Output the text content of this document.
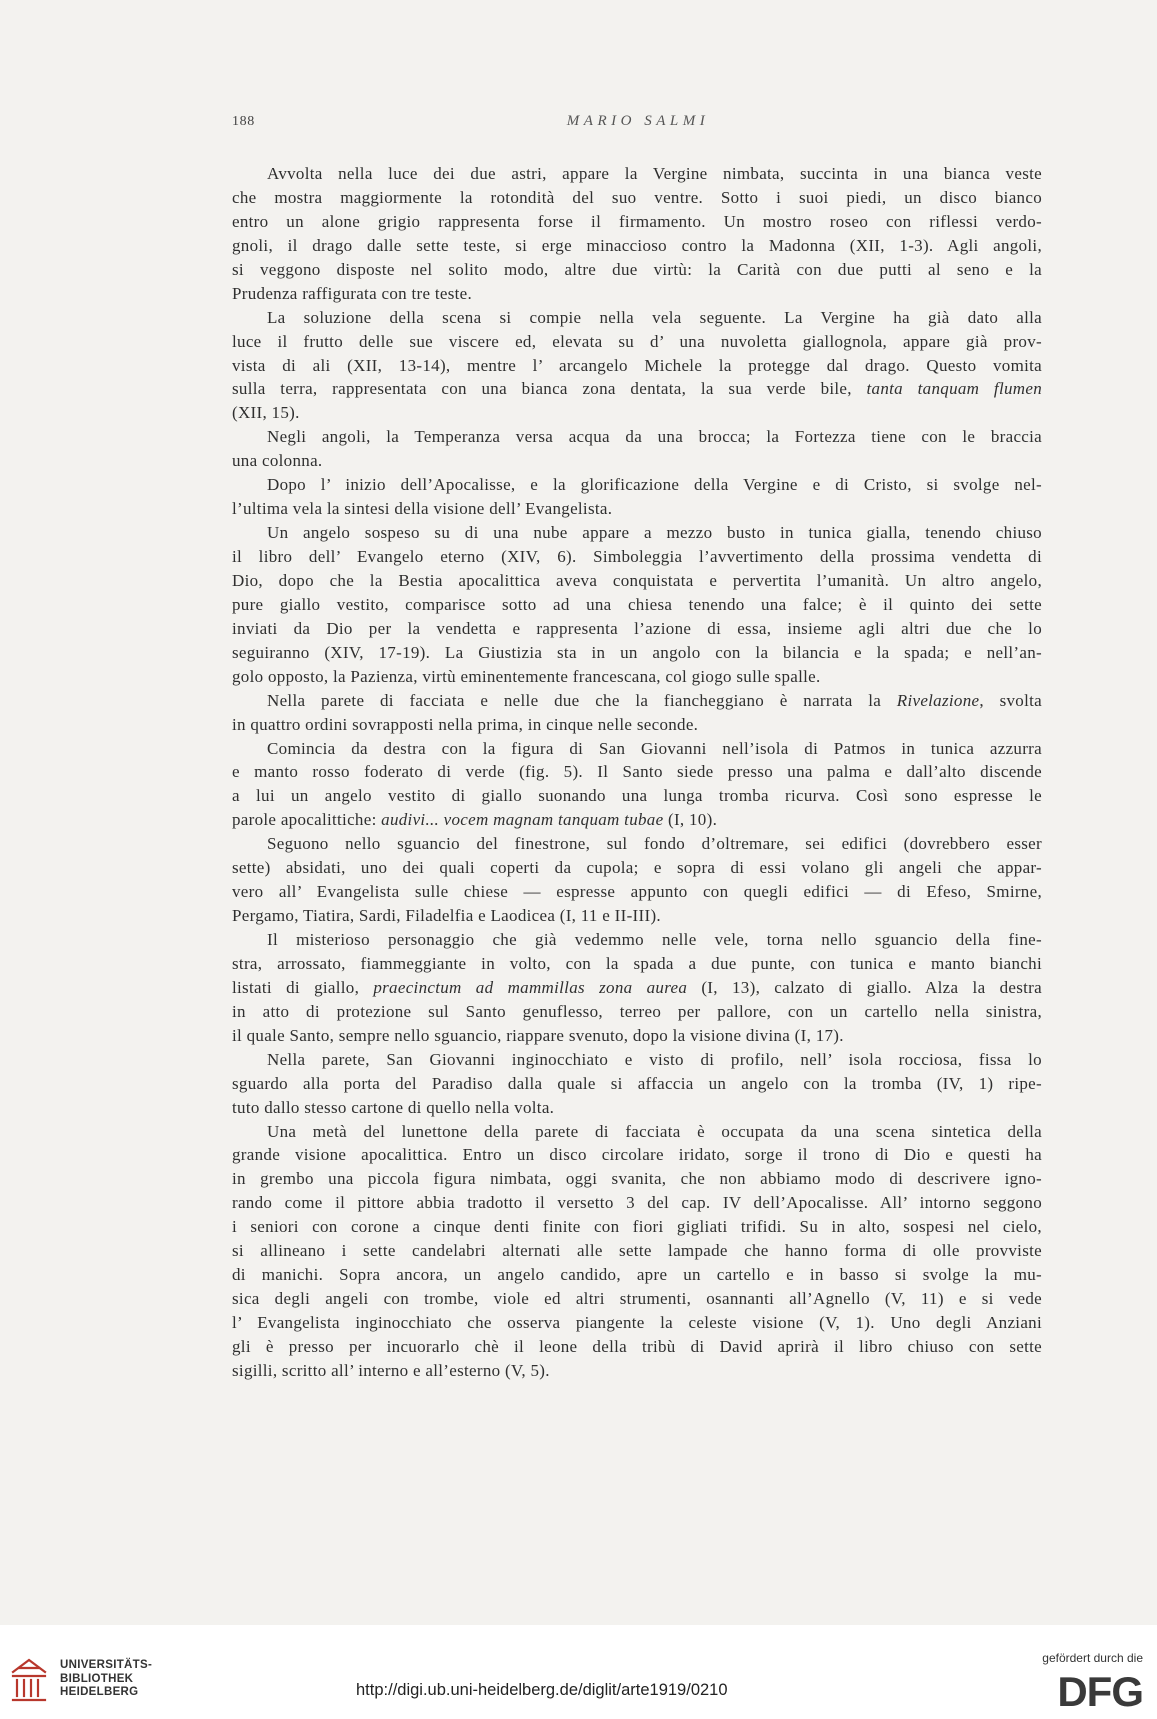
188	MARIO SALMI
Avvolta nella luce dei due astri, appare la Vergine nimbata, succinta in una bianca veste
che mostra maggiormente la rotondità del suo ventre. Sotto i suoi piedi, un disco bianco
entro un alone grigio rappresenta forse il firmamento. Un mostro roseo con riflessi verdo-
gnoli, il drago dalle sette teste, si erge minaccioso contro la Madonna (XII, 1-3). Agli angoli,
si veggono disposte nel solito modo, altre due virtù: la Carità con due putti al seno e la
Prudenza raffigurata con tre teste.
La soluzione della scena si compie nella vela seguente. La Vergine ha già dato alla
luce il frutto delle sue viscere ed, elevata su d’ una nuvoletta giallognola, appare già prov-
vista di ali (XII, 13-14), mentre l’ arcangelo Michele la protegge dal drago. Questo vomita
sulla terra, rappresentata con una bianca zona dentata, la sua verde bile, tanta tanquam flumen
(XII, 15).
Negli angoli, la Temperanza versa acqua da una brocca; la Fortezza tiene con le braccia
una colonna.
Dopo l’ inizio dell’Apocalisse, e la glorificazione della Vergine e di Cristo, si svolge nel-
l’ultima vela la sintesi della visione dell’ Evangelista.
Un angelo sospeso su di una nube appare a mezzo busto in tunica gialla, tenendo chiuso
il libro dell’ Evangelo eterno (XIV, 6). Simboleggia l’avvertimento della prossima vendetta di
Dio, dopo che la Bestia apocalittica aveva conquistata e pervertita l’umanità. Un altro angelo,
pure giallo vestito, comparisce sotto ad una chiesa tenendo una falce; è il quinto dei sette
inviati da Dio per la vendetta e rappresenta l’azione di essa, insieme agli altri due che lo
seguiranno (XIV, 17-19). La Giustizia sta in un angolo con la bilancia e la spada; e nell’an-
golo opposto, la Pazienza, virtù eminentemente francescana, col giogo sulle spalle.
Nella parete di facciata e nelle due che la fiancheggiano è narrata la Rivelazione, svolta
in quattro ordini sovrapposti nella prima, in cinque nelle seconde.
Comincia da destra con la figura di San Giovanni nell’isola di Patmos in tunica azzurra
e manto rosso foderato di verde (fig. 5). Il Santo siede presso una palma e dall’alto discende
a lui un angelo vestito di giallo suonando una lunga tromba ricurva. Così sono espresse le
parole apocalittiche: audivi... vocem magnam tanquam tubae (I, 10).
Seguono nello sguancio del finestrone, sul fondo d’oltremare, sei edifici (dovrebbero esser
sette) absidati, uno dei quali coperti da cupola; e sopra di essi volano gli angeli che appar-
vero all’ Evangelista sulle chiese — espresse appunto con quegli edifici — di Efeso, Smirne,
Pergamo, Tiatira, Sardi, Filadelfia e Laodicea (I, 11 e II-III).
Il misterioso personaggio che già vedemmo nelle vele, torna nello sguancio della fine-
stra, arrossato, fiammeggiante in volto, con la spada a due punte, con tunica e manto bianchi
listati di giallo, praecinctum ad mammillas zona aurea (I, 13), calzato di giallo. Alza la destra
in atto di protezione sul Santo genuflesso, terreo per pallore, con un cartello nella sinistra,
il quale Santo, sempre nello sguancio, riappare svenuto, dopo la visione divina (I, 17).
Nella parete, San Giovanni inginocchiato e visto di profilo, nell’ isola rocciosa, fissa lo
sguardo alla porta del Paradiso dalla quale si affaccia un angelo con la tromba (IV, 1) ripe-
tuto dallo stesso cartone di quello nella volta.
Una metà del lunettone della parete di facciata è occupata da una scena sintetica della
grande visione apocalittica. Entro un disco circolare iridato, sorge il trono di Dio e questi ha
in grembo una piccola figura nimbata, oggi svanita, che non abbiamo modo di descrivere igno-
rando come il pittore abbia tradotto il versetto 3 del cap. IV dell’Apocalisse. All’ intorno seggono
i seniori con corone a cinque denti finite con fiori gigliati trifidi. Su in alto, sospesi nel cielo,
si allineano i sette candelabri alternati alle sette lampade che hanno forma di olle provviste
di manichi. Sopra ancora, un angelo candido, apre un cartello e in basso si svolge la mu-
sica degli angeli con trombe, viole ed altri strumenti, osannanti all’Agnello (V, 11) e si vede
l’ Evangelista inginocchiato che osserva piangente la celeste visione (V, 1). Uno degli Anziani
gli è presso per incuorarlo chè il leone della tribù di David aprirà il libro chiuso con sette
sigilli, scritto all’ interno e all’esterno (V, 5).
UNIVERSITÄTS-
BIBLIOTHEK
HEIDELBERG	http://digi.ub.uni-heidelberg.de/diglit/arte1919/0210
gefördert durch die
DFG
